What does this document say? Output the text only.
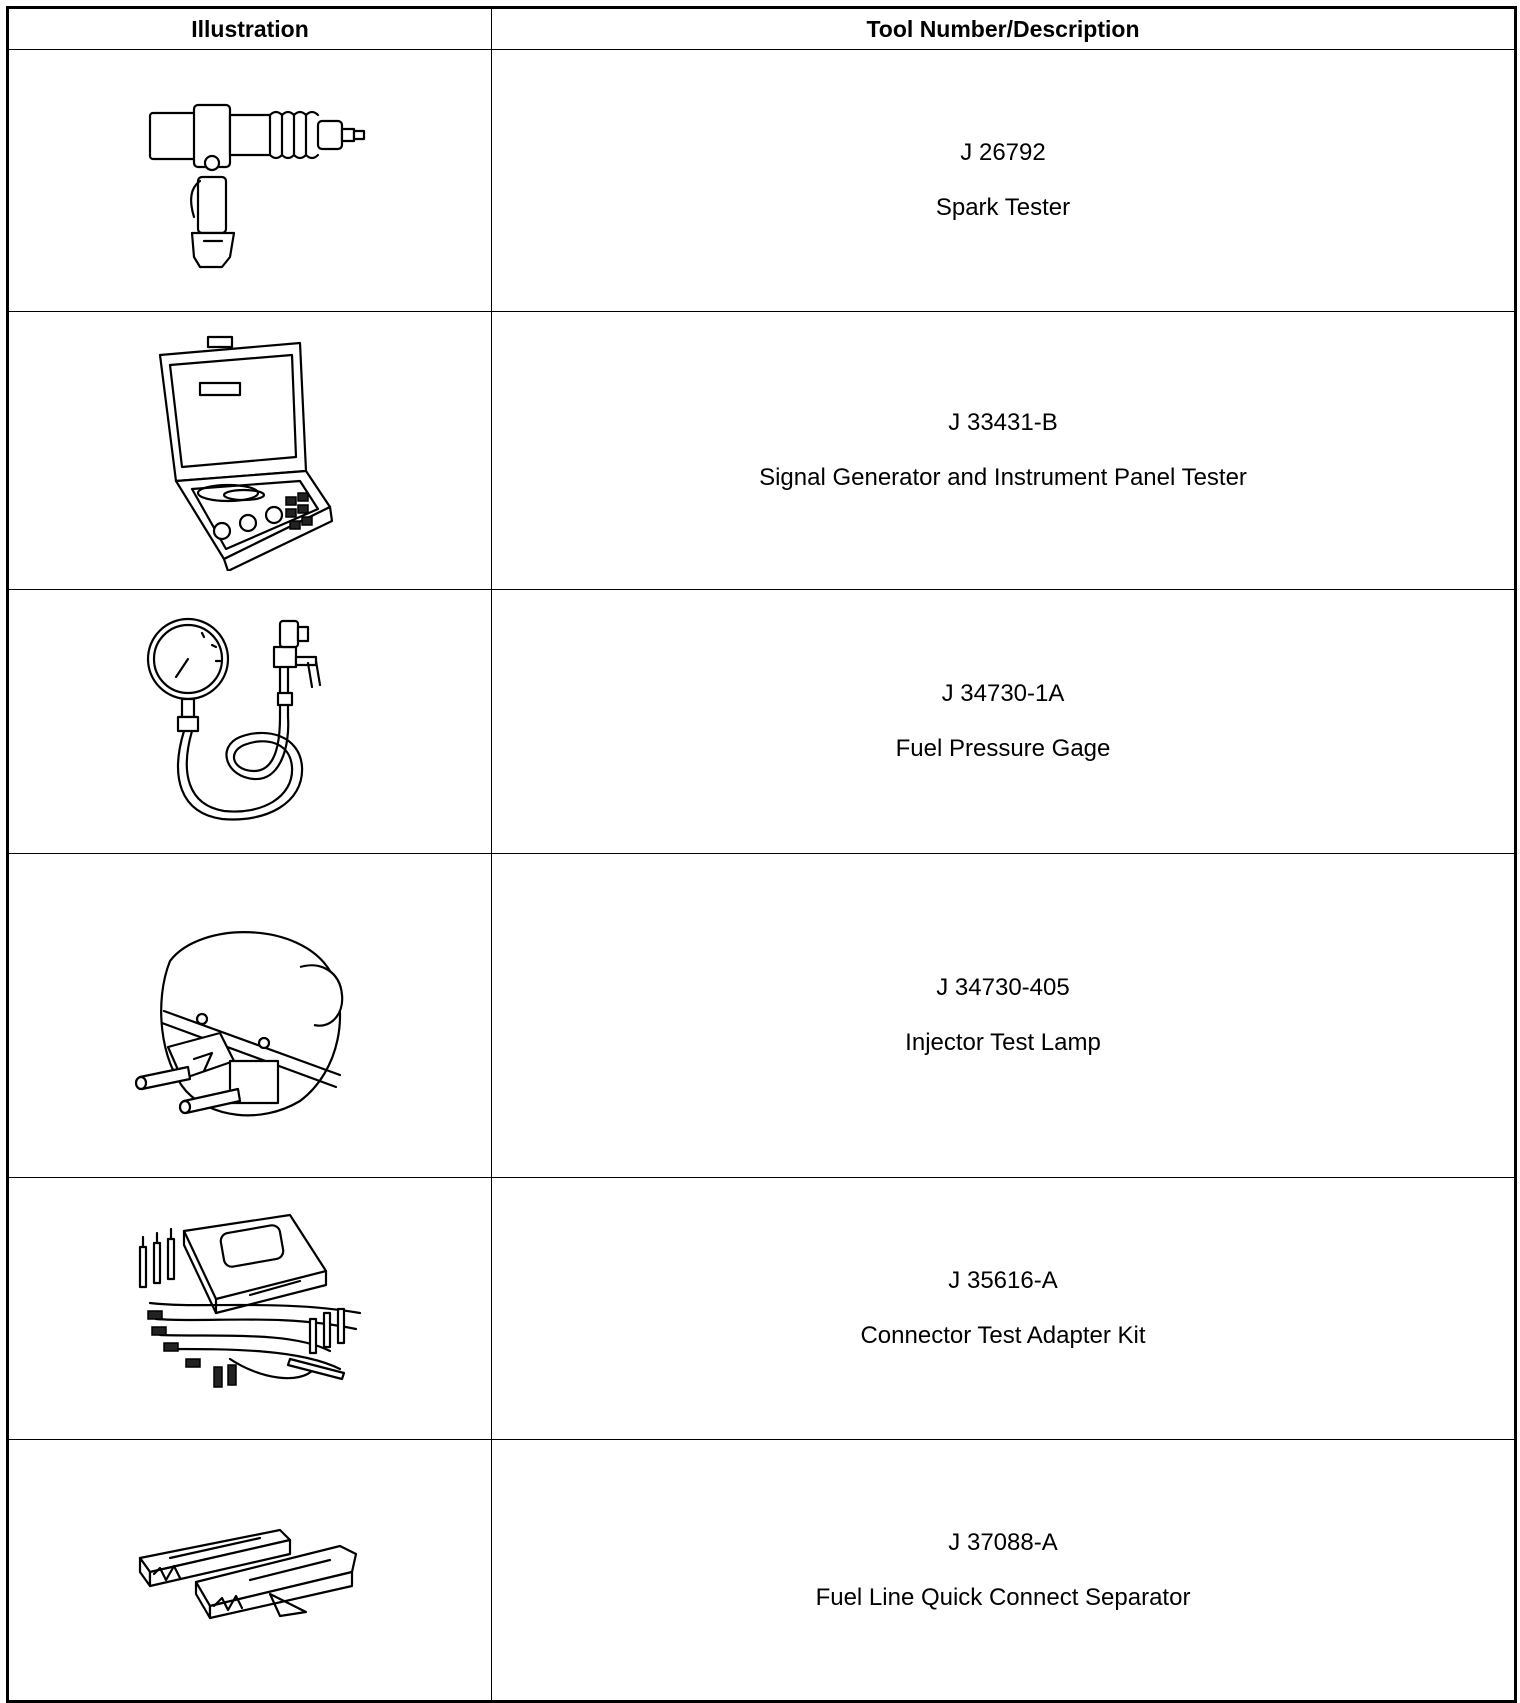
Illustration	Tool Number/Description

J 26792
Spark Tester

J 33431-B
Signal Generator and Instrument Panel Tester

J 34730-1A
Fuel Pressure Gage

J 34730-405
Injector Test Lamp

J 35616-A
Connector Test Adapter Kit

J 37088-A
Fuel Line Quick Connect Separator
